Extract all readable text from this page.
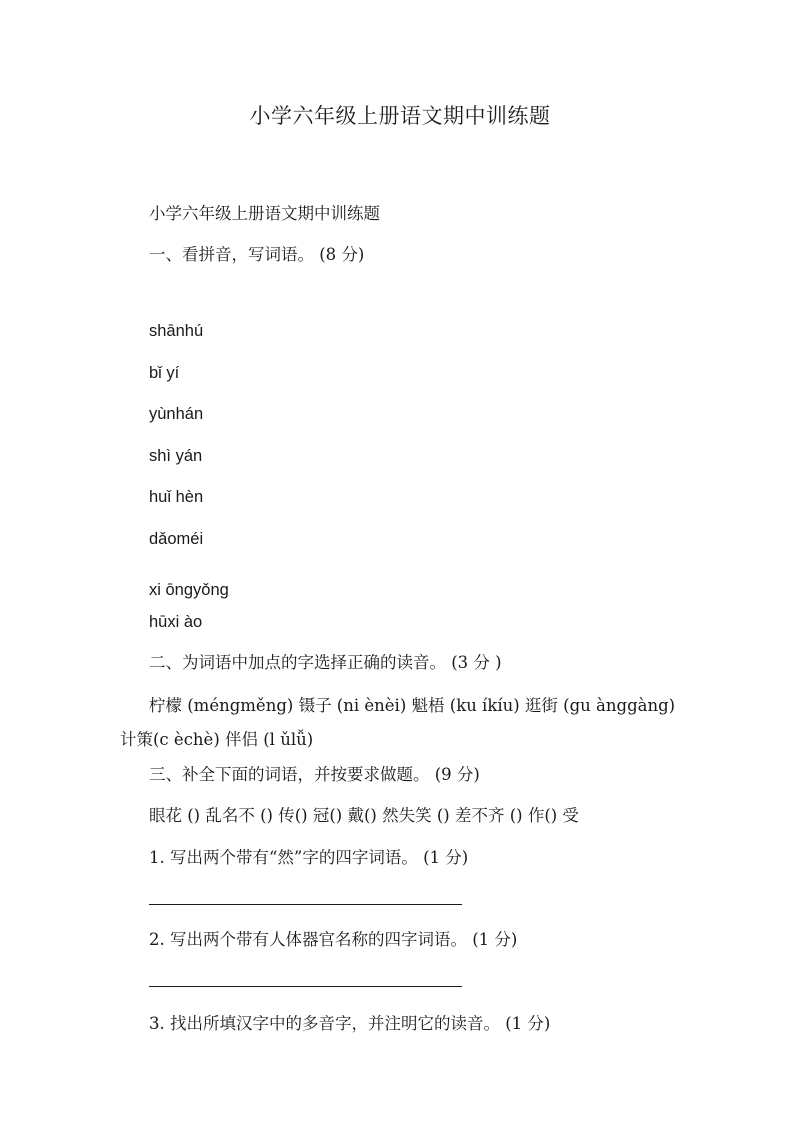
小学六年级上册语文期中训练题
小学六年级上册语文期中训练题
一、看拼音，写词语。 (8 分)
shānhú
bǐ yí
yùnhán
shì yán
huǐ hèn
dǎoméi
xi ōngyǒng
hūxi ào
二、为词语中加点的字选择正确的读音。 (3 分 )
柠檬 (méngměng) 镊子 (ni ènèi) 魁梧 (ku íkíu) 逛街 (gu ànggàng) 计策(c èchè) 伴侣 (l ǔlǚ)
三、补全下面的词语，并按要求做题。 (9 分)
眼花 () 乱名不 () 传() 冠() 戴() 然失笑 () 差不齐 () 作() 受
1. 写出两个带有“然”字的四字词语。 (1 分)
2. 写出两个带有人体器官名称的四字词语。 (1 分)
3. 找出所填汉字中的多音字，并注明它的读音。 (1 分)
